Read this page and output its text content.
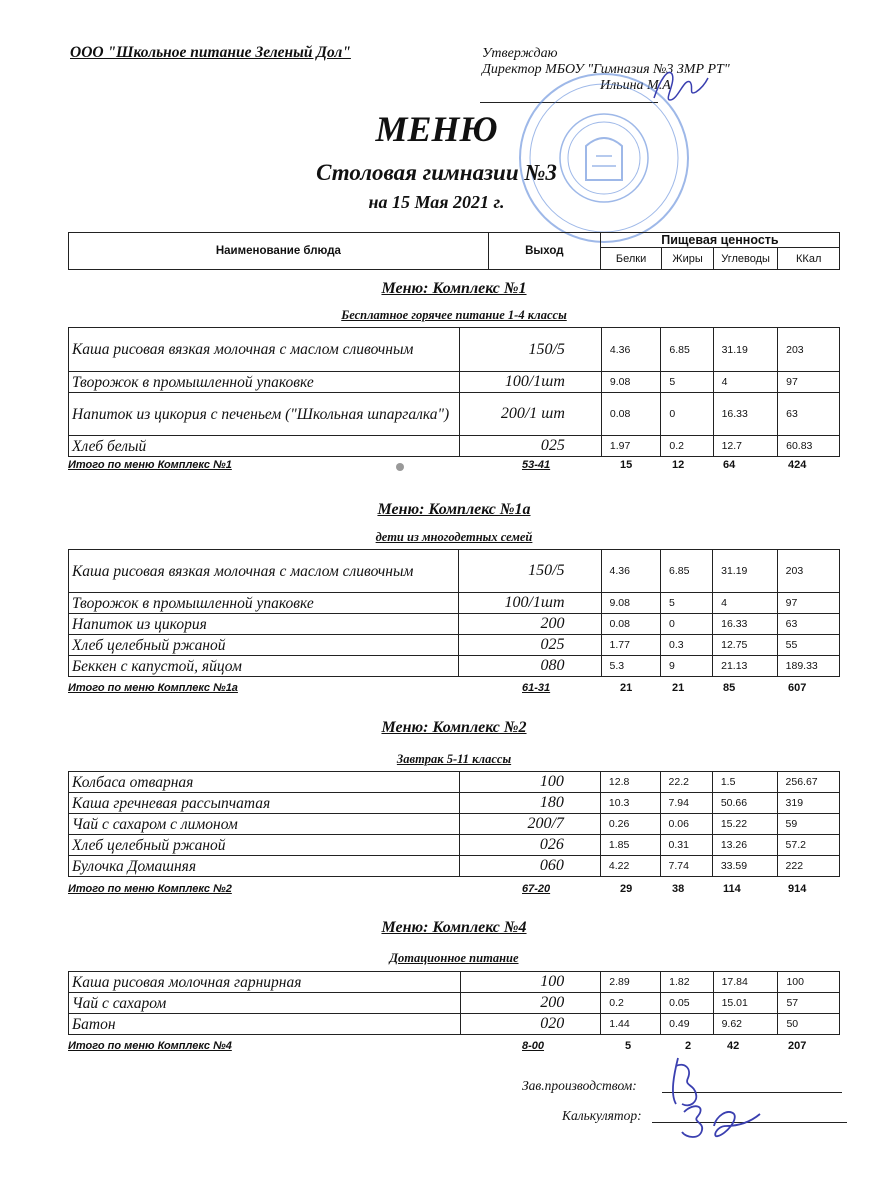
ООО "Школьное питание Зеленый Дол"	Утверждаю
Директор МБОУ "Гимназия №3 ЗМР РТ"
Ильина М.А
МЕНЮ
Столовая гимназии №3
на 15 Мая 2021 г.
Наименование блюда	Выход	Пищевая ценность			
		Белки	Жиры	Углеводы	ККал
Меню: Комплекс №1
Бесплатное горячее питание 1-4 классы
Каша рисовая вязкая молочная с маслом сливочным	150/5	4.36	6.85	31.19	203
Творожок в промышленной упаковке	100/1шт	9.08	5	4	97
Напиток из цикория с печеньем ("Школьная шпаргалка")	200/1 шт	0.08	0	16.33	63
Хлеб белый	025	1.97	0.2	12.7	60.83
Итого по меню Комплекс №1	53-41	15	12	64	424
Меню: Комплекс №1а
дети из многодетных семей
Каша рисовая вязкая молочная с маслом сливочным	150/5	4.36	6.85	31.19	203
Творожок в промышленной упаковке	100/1шт	9.08	5	4	97
Напиток из цикория	200	0.08	0	16.33	63
Хлеб целебный ржаной	025	1.77	0.3	12.75	55
Беккен с капустой, яйцом	080	5.3	9	21.13	189.33
Итого по меню Комплекс №1а	61-31	21	21	85	607
Меню: Комплекс №2
Завтрак 5-11 классы
Колбаса отварная	100	12.8	22.2	1.5	256.67
Каша гречневая рассыпчатая	180	10.3	7.94	50.66	319
Чай с сахаром с лимоном	200/7	0.26	0.06	15.22	59
Хлеб целебный ржаной	026	1.85	0.31	13.26	57.2
Булочка Домашняя	060	4.22	7.74	33.59	222
Итого по меню Комплекс №2	67-20	29	38	114	914
Меню: Комплекс №4
Дотационное питание
Каша рисовая молочная гарнирная	100	2.89	1.82	17.84	100
Чай с сахаром	200	0.2	0.05	15.01	57
Батон	020	1.44	0.49	9.62	50
Итого по меню Комплекс №4	8-00	5	2	42	207
Зав.производством:
Калькулятор:
